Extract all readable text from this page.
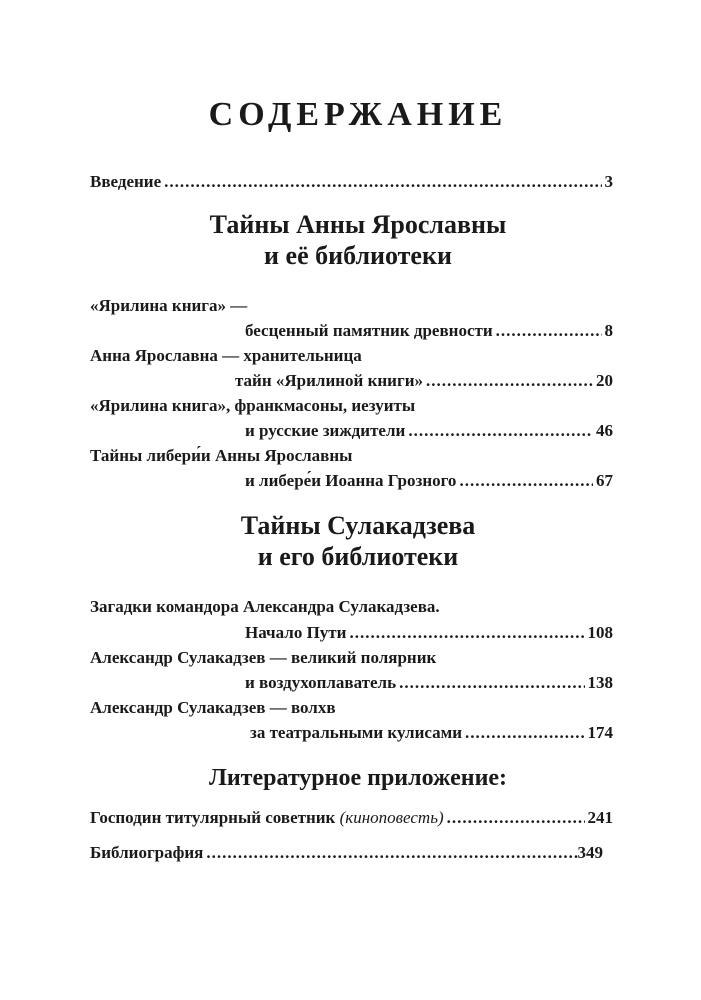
СОДЕРЖАНИЕ
Введение .....	3
Тайны Анны Ярославны
и её библиотеки
«Ярилина книга» —
бесценный памятник древности .....	8
Анна Ярославна — хранительница
тайн «Ярилиной книги» .....	20
«Ярилина книга», франкмасоны, иезуиты
и русские зиждители .....	46
Тайны либери́и Анны Ярославны
и либере́и Иоанна Грозного .....	67
Тайны Сулакадзева
и его библиотеки
Загадки командора Александра Сулакадзева.
Начало Пути .....	108
Александр Сулакадзев — великий полярник
и воздухоплаватель .....	138
Александр Сулакадзев — волхв
за театральными кулисами .....	174
Литературное приложение:
Господин титулярный советник (киноповесть) .....	241
Библиография .....	349
